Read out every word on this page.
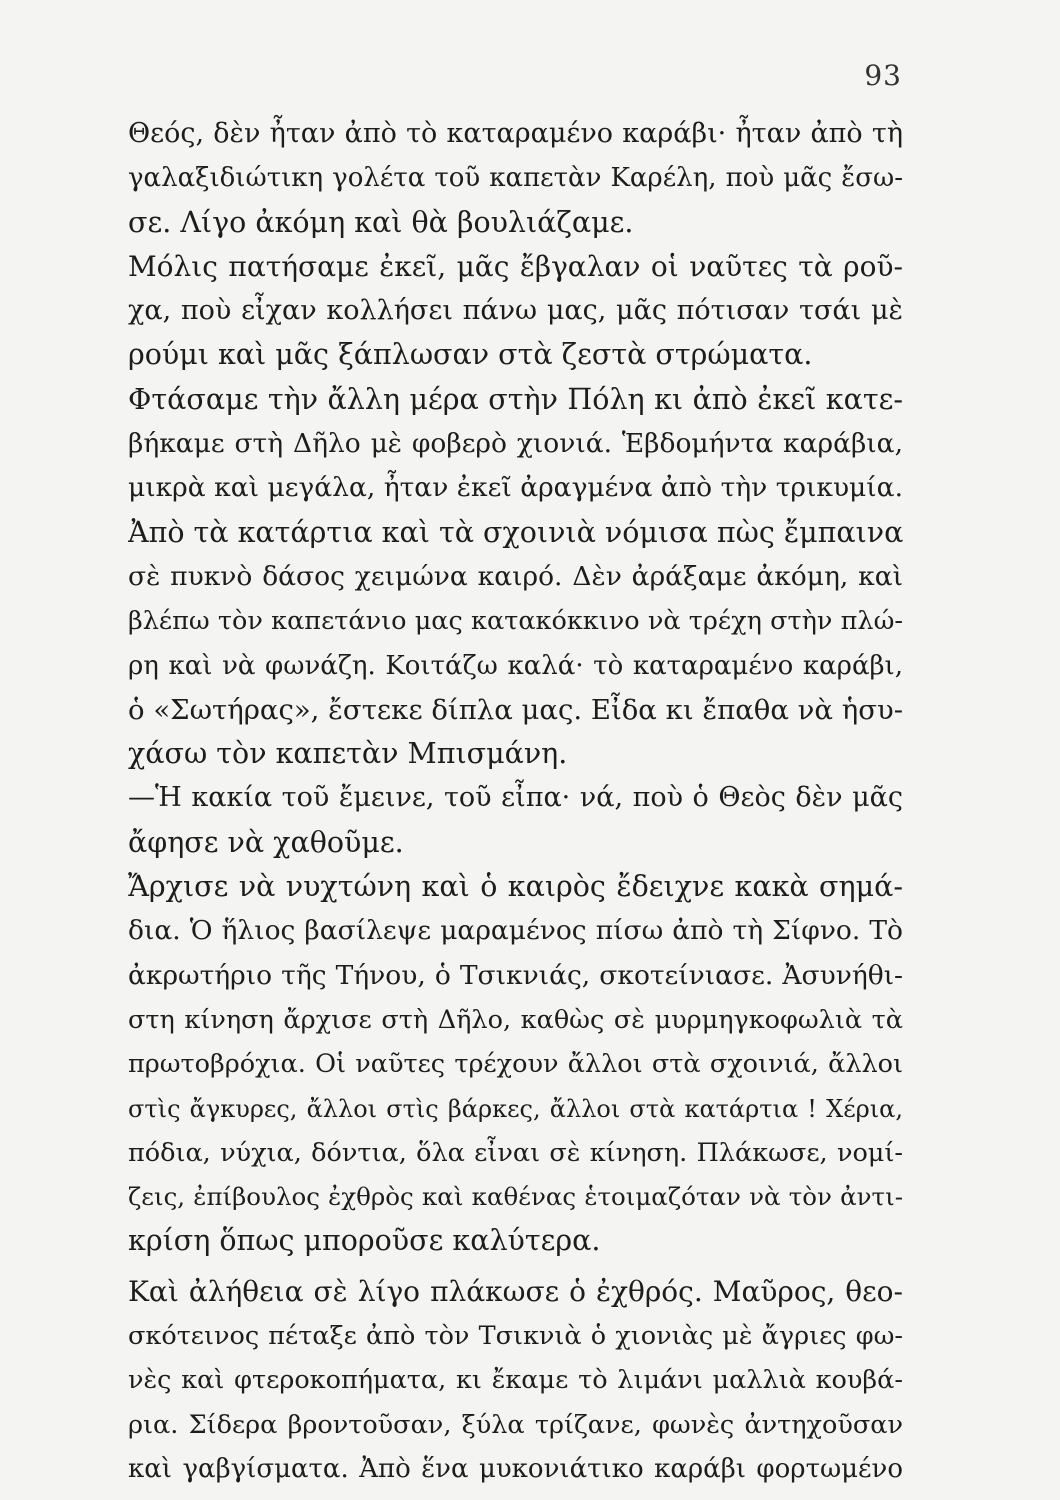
93
Θεός, δὲν ἦταν ἀπὸ τὸ καταραμένο καράβι· ἦταν ἀπὸ τὴ
γαλαξιδιώτικη γολέτα τοῦ καπετὰν Καρέλη, ποὺ μᾶς ἔσω-
σε. Λίγο ἀκόμη καὶ θὰ βουλιάζαμε.
Μόλις πατήσαμε ἐκεῖ, μᾶς ἔβγαλαν οἱ ναῦτες τὰ ροῦ-
χα, ποὺ εἶχαν κολλήσει πάνω μας, μᾶς πότισαν τσάι μὲ
ρούμι καὶ μᾶς ξάπλωσαν στὰ ζεστὰ στρώματα.
Φτάσαμε τὴν ἄλλη μέρα στὴν Πόλη κι ἀπὸ ἐκεῖ κατε-
βήκαμε στὴ Δῆλο μὲ φοβερὸ χιονιά. Ἑβδομήντα καράβια,
μικρὰ καὶ μεγάλα, ἦταν ἐκεῖ ἀραγμένα ἀπὸ τὴν τρικυμία.
Ἀπὸ τὰ κατάρτια καὶ τὰ σχοινιὰ νόμισα πὼς ἔμπαινα
σὲ πυκνὸ δάσος χειμώνα καιρό. Δὲν ἀράξαμε ἀκόμη, καὶ
βλέπω τὸν καπετάνιο μας κατακόκκινο νὰ τρέχη στὴν πλώ-
ρη καὶ νὰ φωνάζη. Κοιτάζω καλά· τὸ καταραμένο καράβι,
ὁ «Σωτήρας», ἔστεκε δίπλα μας. Εἶδα κι ἔπαθα νὰ ἡσυ-
χάσω τὸν καπετὰν Μπισμάνη.
—Ἡ κακία τοῦ ἔμεινε, τοῦ εἶπα· νά, ποὺ ὁ Θεὸς δὲν μᾶς
ἄφησε νὰ χαθοῦμε.
Ἄρχισε νὰ νυχτώνη καὶ ὁ καιρὸς ἔδειχνε κακὰ σημά-
δια. Ὁ ἥλιος βασίλεψε μαραμένος πίσω ἀπὸ τὴ Σίφνο. Τὸ
ἀκρωτήριο τῆς Τήνου, ὁ Τσικνιάς, σκοτείνιασε. Ἀσυνήθι-
στη κίνηση ἄρχισε στὴ Δῆλο, καθὼς σὲ μυρμηγκοφωλιὰ τὰ
πρωτοβρόχια. Οἱ ναῦτες τρέχουν ἄλλοι στὰ σχοινιά, ἄλλοι
στὶς ἄγκυρες, ἄλλοι στὶς βάρκες, ἄλλοι στὰ κατάρτια ! Χέρια,
πόδια, νύχια, δόντια, ὅλα εἶναι σὲ κίνηση. Πλάκωσε, νομί-
ζεις, ἐπίβουλος ἐχθρὸς καὶ καθένας ἑτοιμαζόταν νὰ τὸν ἀντι-
κρίση ὅπως μποροῦσε καλύτερα.
Καὶ ἀλήθεια σὲ λίγο πλάκωσε ὁ ἐχθρός. Μαῦρος, θεο-
σκότεινος πέταξε ἀπὸ τὸν Τσικνιὰ ὁ χιονιὰς μὲ ἄγριες φω-
νὲς καὶ φτεροκοπήματα, κι ἔκαμε τὸ λιμάνι μαλλιὰ κουβά-
ρια. Σίδερα βροντοῦσαν, ξύλα τρίζανε, φωνὲς ἀντηχοῦσαν
καὶ γαβγίσματα. Ἀπὸ ἕνα μυκονιάτικο καράβι φορτωμένο
